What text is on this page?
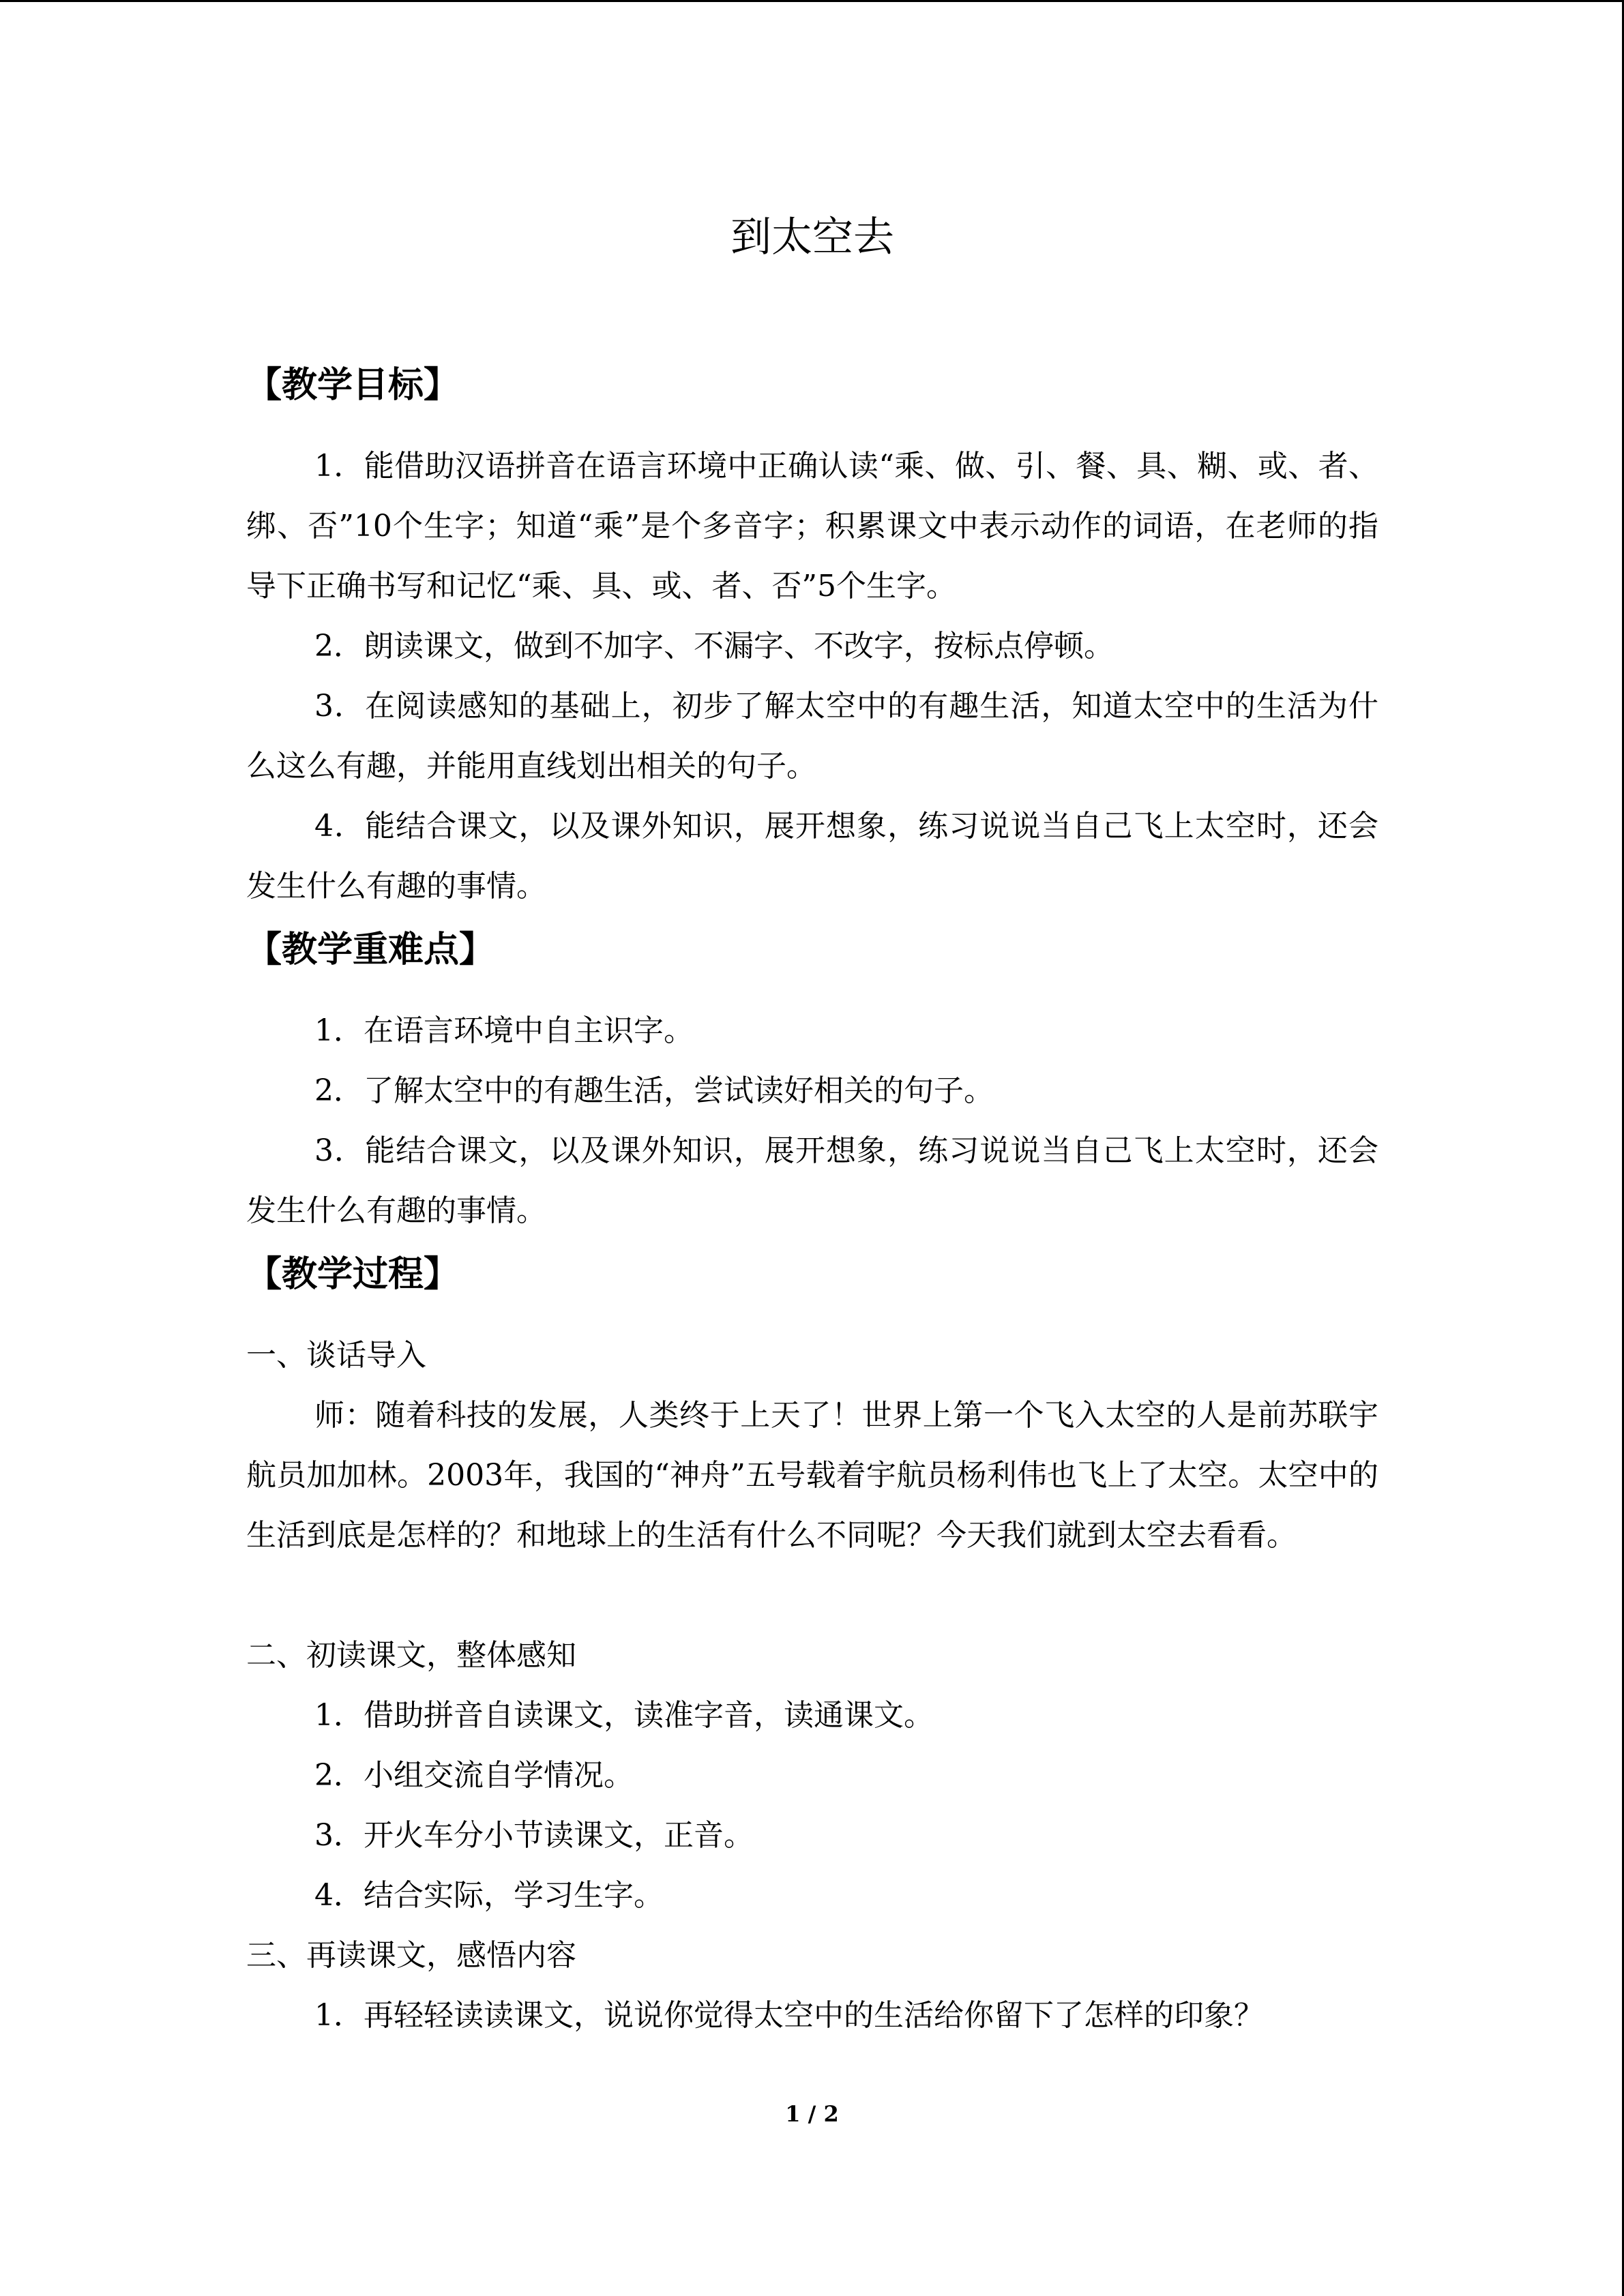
到太空去
【教学目标】

1．能借助汉语拼音在语言环境中正确认读“乘、做、引、餐、具、糊、或、者、绑、否”10个生字；知道“乘”是个多音字；积累课文中表示动作的词语，在老师的指导下正确书写和记忆“乘、具、或、者、否”5个生字。

2．朗读课文，做到不加字、不漏字、不改字，按标点停顿。

3．在阅读感知的基础上，初步了解太空中的有趣生活，知道太空中的生活为什么这么有趣，并能用直线划出相关的句子。

4．能结合课文，以及课外知识，展开想象，练习说说当自己飞上太空时，还会发生什么有趣的事情。

【教学重难点】

1．在语言环境中自主识字。

2．了解太空中的有趣生活，尝试读好相关的句子。

3．能结合课文，以及课外知识，展开想象，练习说说当自己飞上太空时，还会发生什么有趣的事情。

【教学过程】

一、谈话导入

师：随着科技的发展，人类终于上天了！世界上第一个飞入太空的人是前苏联宇航员加加林。2003年，我国的“神舟”五号载着宇航员杨利伟也飞上了太空。太空中的生活到底是怎样的？和地球上的生活有什么不同呢？今天我们就到太空去看看。

二、初读课文，整体感知

1．借助拼音自读课文，读准字音，读通课文。

2．小组交流自学情况。

3．开火车分小节读课文，正音。

4．结合实际，学习生字。

三、再读课文，感悟内容

1．再轻轻读读课文，说说你觉得太空中的生活给你留下了怎样的印象？

1 / 2
